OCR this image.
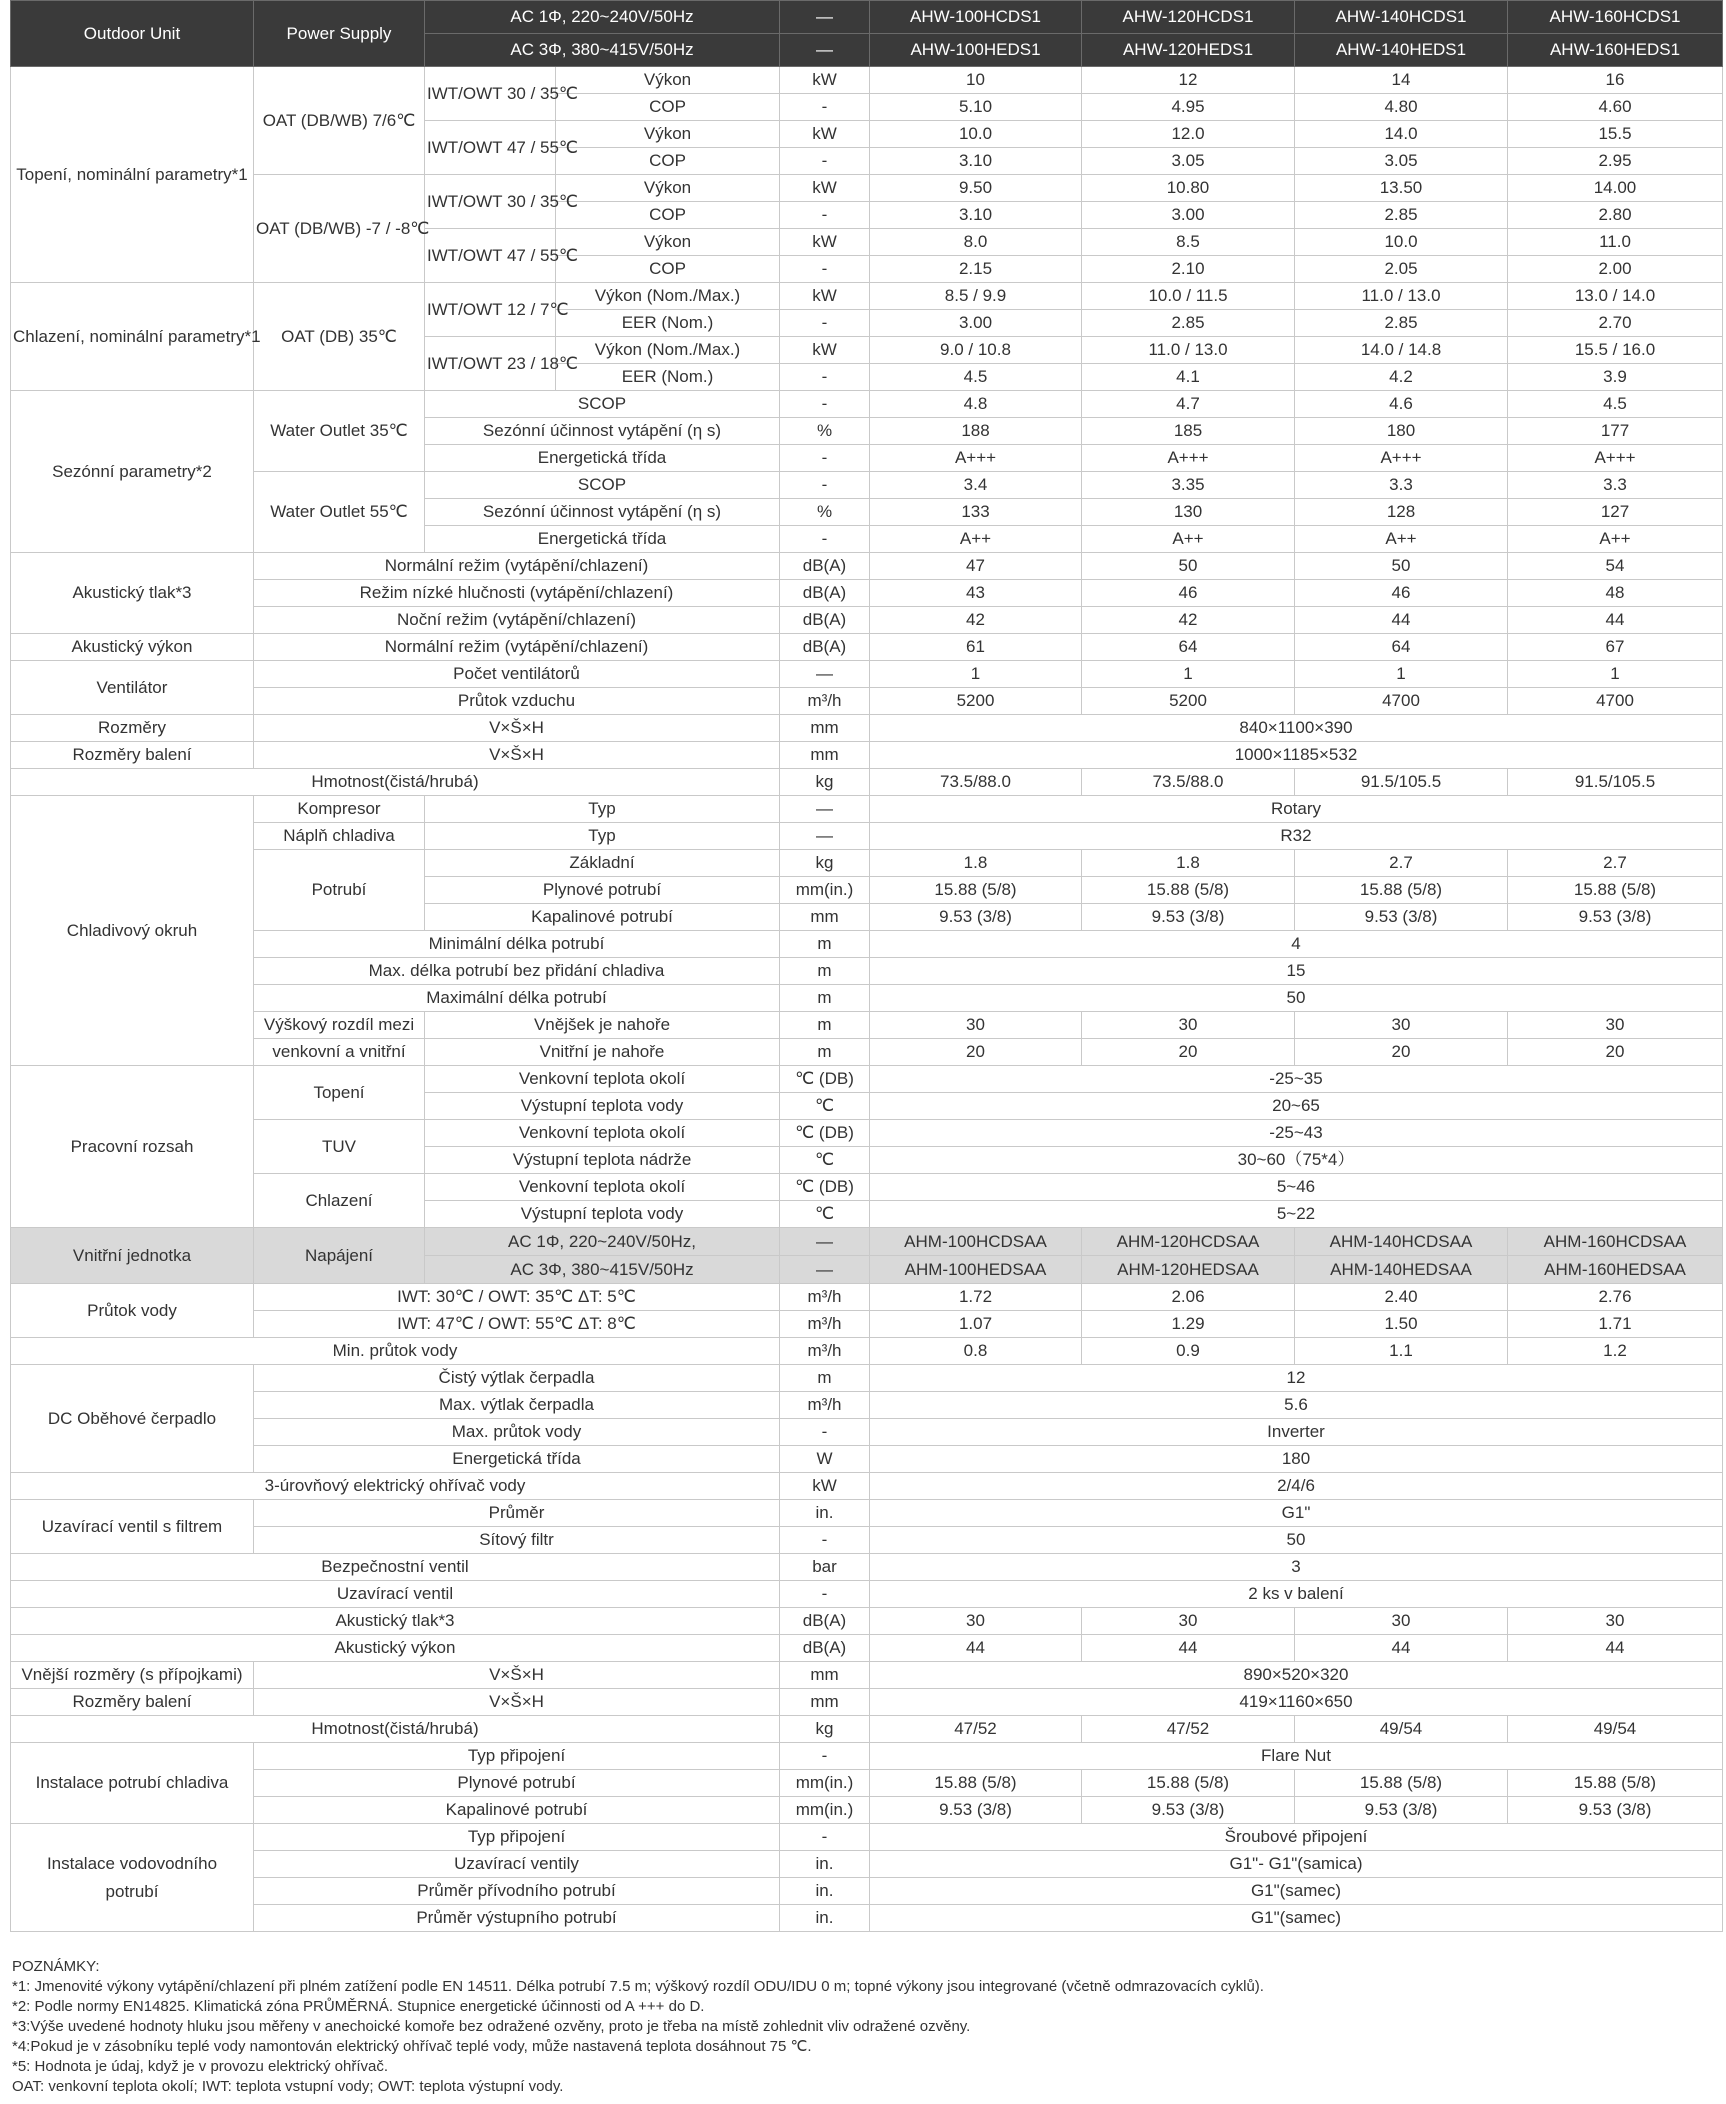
Outdoor Unit	Power Supply	AC 1Φ, 220~240V/50Hz		—	AHW-100HCDS1	AHW-120HCDS1	AHW-140HCDS1	AHW-160HCDS1
		AC 3Φ, 380~415V/50Hz		—	AHW-100HEDS1	AHW-120HEDS1	AHW-140HEDS1	AHW-160HEDS1
Topení, nominální parametry*1	OAT (DB/WB) 7/6℃	IWT/OWT 30 / 35℃	Výkon	kW	10	12	14	16
			COP	-	5.10	4.95	4.80	4.60
		IWT/OWT 47 / 55℃	Výkon	kW	10.0	12.0	14.0	15.5
			COP	-	3.10	3.05	3.05	2.95
	OAT (DB/WB) -7 / -8℃	IWT/OWT 30 / 35℃	Výkon	kW	9.50	10.80	13.50	14.00
			COP	-	3.10	3.00	2.85	2.80
		IWT/OWT 47 / 55℃	Výkon	kW	8.0	8.5	10.0	11.0
			COP	-	2.15	2.10	2.05	2.00
Chlazení, nominální parametry*1	OAT (DB) 35℃	IWT/OWT 12 / 7℃	Výkon (Nom./Max.)	kW	8.5 / 9.9	10.0 / 11.5	11.0 / 13.0	13.0 / 14.0
			EER (Nom.)	-	3.00	2.85	2.85	2.70
		IWT/OWT 23 / 18℃	Výkon (Nom./Max.)	kW	9.0 / 10.8	11.0 / 13.0	14.0 / 14.8	15.5 / 16.0
			EER (Nom.)	-	4.5	4.1	4.2	3.9
Sezónní parametry*2	Water Outlet 35℃	SCOP		-	4.8	4.7	4.6	4.5
		Sezónní účinnost vytápění (η s)		%	188	185	180	177
		Energetická třída		-	A+++	A+++	A+++	A+++
	Water Outlet 55℃	SCOP		-	3.4	3.35	3.3	3.3
		Sezónní účinnost vytápění (η s)		%	133	130	128	127
		Energetická třída		-	A++	A++	A++	A++
Akustický tlak*3	Normální režim (vytápění/chlazení)			dB(A)	47	50	50	54
	Režim nízké hlučnosti (vytápění/chlazení)			dB(A)	43	46	46	48
	Noční režim (vytápění/chlazení)			dB(A)	42	42	44	44
Akustický výkon	Normální režim (vytápění/chlazení)			dB(A)	61	64	64	67
Ventilátor	Počet ventilátorů			—	1	1	1	1
	Průtok vzduchu			m³/h	5200	5200	4700	4700
Rozměry	V×Š×H			mm	840×1100×390			
Rozměry balení	V×Š×H			mm	1000×1185×532			
Hmotnost(čistá/hrubá)				kg	73.5/88.0	73.5/88.0	91.5/105.5	91.5/105.5
Chladivový okruh	Kompresor	Typ		—	Rotary			
	Náplň chladiva	Typ		—	R32			
	Potrubí	Základní		kg	1.8	1.8	2.7	2.7
		Plynové potrubí		mm(in.)	15.88 (5/8)	15.88 (5/8)	15.88 (5/8)	15.88 (5/8)
		Kapalinové potrubí		mm	9.53 (3/8)	9.53 (3/8)	9.53 (3/8)	9.53 (3/8)
	Minimální délka potrubí			m	4			
	Max. délka potrubí bez přidání chladiva			m	15			
	Maximální délka potrubí			m	50			
	Výškový rozdíl mezi	Vnějšek je nahoře		m	30	30	30	30
	venkovní a vnitřní	Vnitřní je nahoře		m	20	20	20	20
Pracovní rozsah	Topení	Venkovní teplota okolí		℃ (DB)	-25~35			
		Výstupní teplota vody		℃	20~65			
	TUV	Venkovní teplota okolí		℃ (DB)	-25~43			
		Výstupní teplota nádrže		℃	30~60（75*4）			
	Chlazení	Venkovní teplota okolí		℃ (DB)	5~46			
		Výstupní teplota vody		℃	5~22			
Vnitřní jednotka	Napájení	AC 1Φ, 220~240V/50Hz,		—	AHM-100HCDSAA	AHM-120HCDSAA	AHM-140HCDSAA	AHM-160HCDSAA
		AC 3Φ, 380~415V/50Hz		—	AHM-100HEDSAA	AHM-120HEDSAA	AHM-140HEDSAA	AHM-160HEDSAA
Průtok vody	IWT: 30℃ / OWT: 35℃ ΔT: 5℃			m³/h	1.72	2.06	2.40	2.76
	IWT: 47℃ / OWT: 55℃ ΔT: 8℃			m³/h	1.07	1.29	1.50	1.71
Min. průtok vody				m³/h	0.8	0.9	1.1	1.2
DC Oběhové čerpadlo	Čistý výtlak čerpadla			m	12			
	Max. výtlak čerpadla			m³/h	5.6			
	Max. průtok vody			-	Inverter			
	Energetická třída			W	180			
3-úrovňový elektrický ohřívač vody				kW	2/4/6			
Uzavírací ventil s filtrem	Průměr			in.	G1"			
	Sítový filtr			-	50			
Bezpečnostní ventil				bar	3			
Uzavírací ventil				-	2 ks v balení			
Akustický tlak*3				dB(A)	30	30	30	30
Akustický výkon				dB(A)	44	44	44	44
Vnější rozměry (s přípojkami)	V×Š×H			mm	890×520×320			
Rozměry balení	V×Š×H			mm	419×1160×650			
Hmotnost(čistá/hrubá)				kg	47/52	47/52	49/54	49/54
Instalace potrubí chladiva	Typ připojení			-	Flare Nut			
	Plynové potrubí			mm(in.)	15.88 (5/8)	15.88 (5/8)	15.88 (5/8)	15.88 (5/8)
	Kapalinové potrubí			mm(in.)	9.53 (3/8)	9.53 (3/8)	9.53 (3/8)	9.53 (3/8)
Instalace vodovodního potrubí	Typ připojení			-	Šroubové připojení			
	Uzavírací ventily			in.	G1"- G1"(samica)			
	Průměr přívodního potrubí			in.	G1"(samec)			
	Průměr výstupního potrubí			in.	G1"(samec)			
POZNÁMKY:
*1: Jmenovité výkony vytápění/chlazení při plném zatížení podle EN 14511. Délka potrubí 7.5 m; výškový rozdíl ODU/IDU 0 m; topné výkony jsou integrované (včetně odmrazovacích cyklů).
*2: Podle normy EN14825. Klimatická zóna PRŮMĚRNÁ. Stupnice energetické účinnosti od A +++ do D.
*3:Výše uvedené hodnoty hluku jsou měřeny v anechoické komoře bez odražené ozvěny, proto je třeba na místě zohlednit vliv odražené ozvěny.
*4:Pokud je v zásobníku teplé vody namontován elektrický ohřívač teplé vody, může nastavená teplota dosáhnout 75 ℃.
*5: Hodnota je údaj, když je v provozu elektrický ohřívač.
OAT: venkovní teplota okolí; IWT: teplota vstupní vody; OWT: teplota výstupní vody.
